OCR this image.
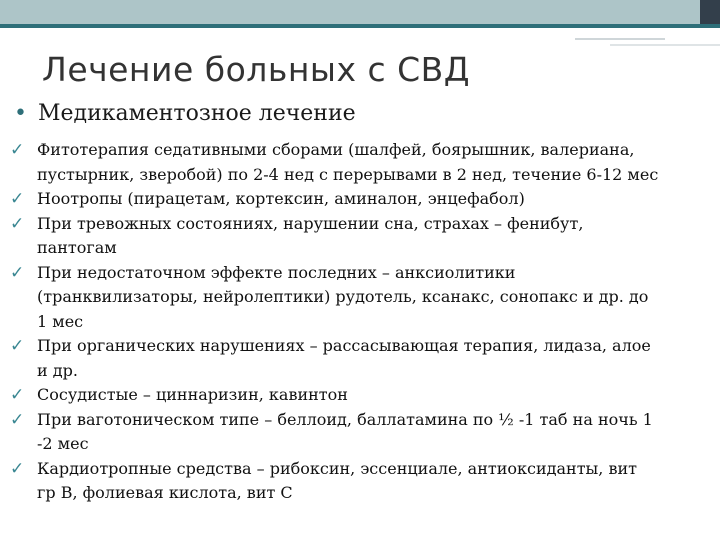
Лечение больных с СВД
• Медикаментозное лечение
✓ Фитотерапия седативными сборами (шалфей, боярышник, валериана,
пустырник, зверобой) по 2-4 нед с перерывами в 2 нед, течение 6-12 мес
✓ Ноотропы (пирацетам, кортексин, аминалон, энцефабол)
✓ При тревожных состояниях, нарушении сна, страхах – фенибут,
пантогам
✓ При недостаточном эффекте последних – анксиолитики
(транквилизаторы, нейролептики) рудотель, ксанакс, сонопакс и др. до
1 мес
✓ При органических нарушениях – рассасывающая терапия, лидаза, алое
и др.
✓ Сосудистые – циннаризин, кавинтон
✓ При ваготоническом типе – беллоид, баллатамина по ½ -1 таб на ночь 1
-2 мес
✓ Кардиотропные средства – рибоксин, эссенциале, антиоксиданты, вит
гр В, фолиевая кислота, вит С
